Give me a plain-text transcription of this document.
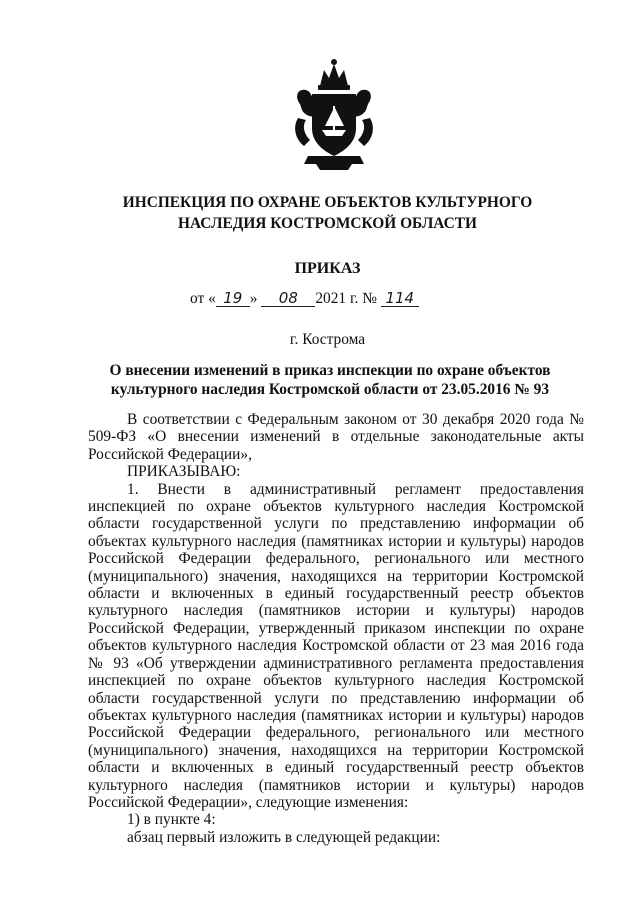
ИНСПЕКЦИЯ ПО ОХРАНЕ ОБЪЕКТОВ КУЛЬТУРНОГО
НАСЛЕДИЯ КОСТРОМСКОЙ ОБЛАСТИ
ПРИКАЗ
от « 19 » 08 2021 г. № 114
г. Кострома
О внесении изменений в приказ инспекции по охране объектов
культурного наследия Костромской области от 23.05.2016 № 93

В соответствии с Федеральным законом от 30 декабря 2020 года № 509-ФЗ «О внесении изменений в отдельные законодательные акты Российской Федерации»,

ПРИКАЗЫВАЮ:

1. Внести в административный регламент предоставления инспекцией по охране объектов культурного наследия Костромской области государственной услуги по представлению информации об объектах культурного наследия (памятниках истории и культуры) народов Российской Федерации федерального, регионального или местного (муниципального) значения, находящихся на территории Костромской области и включенных в единый государственный реестр объектов культурного наследия (памятников истории и культуры) народов Российской Федерации, утвержденный приказом инспекции по охране объектов культурного наследия Костромской области от 23 мая 2016 года № 93 «Об утверждении административного регламента предоставления инспекцией по охране объектов культурного наследия Костромской области государственной услуги по представлению информации об объектах культурного наследия (памятниках истории и культуры) народов Российской Федерации федерального, регионального или местного (муниципального) значения, находящихся на территории Костромской области и включенных в единый государственный реестр объектов культурного наследия (памятников истории и культуры) народов Российской Федерации», следующие изменения:

1) в пункте 4:

абзац первый изложить в следующей редакции:
